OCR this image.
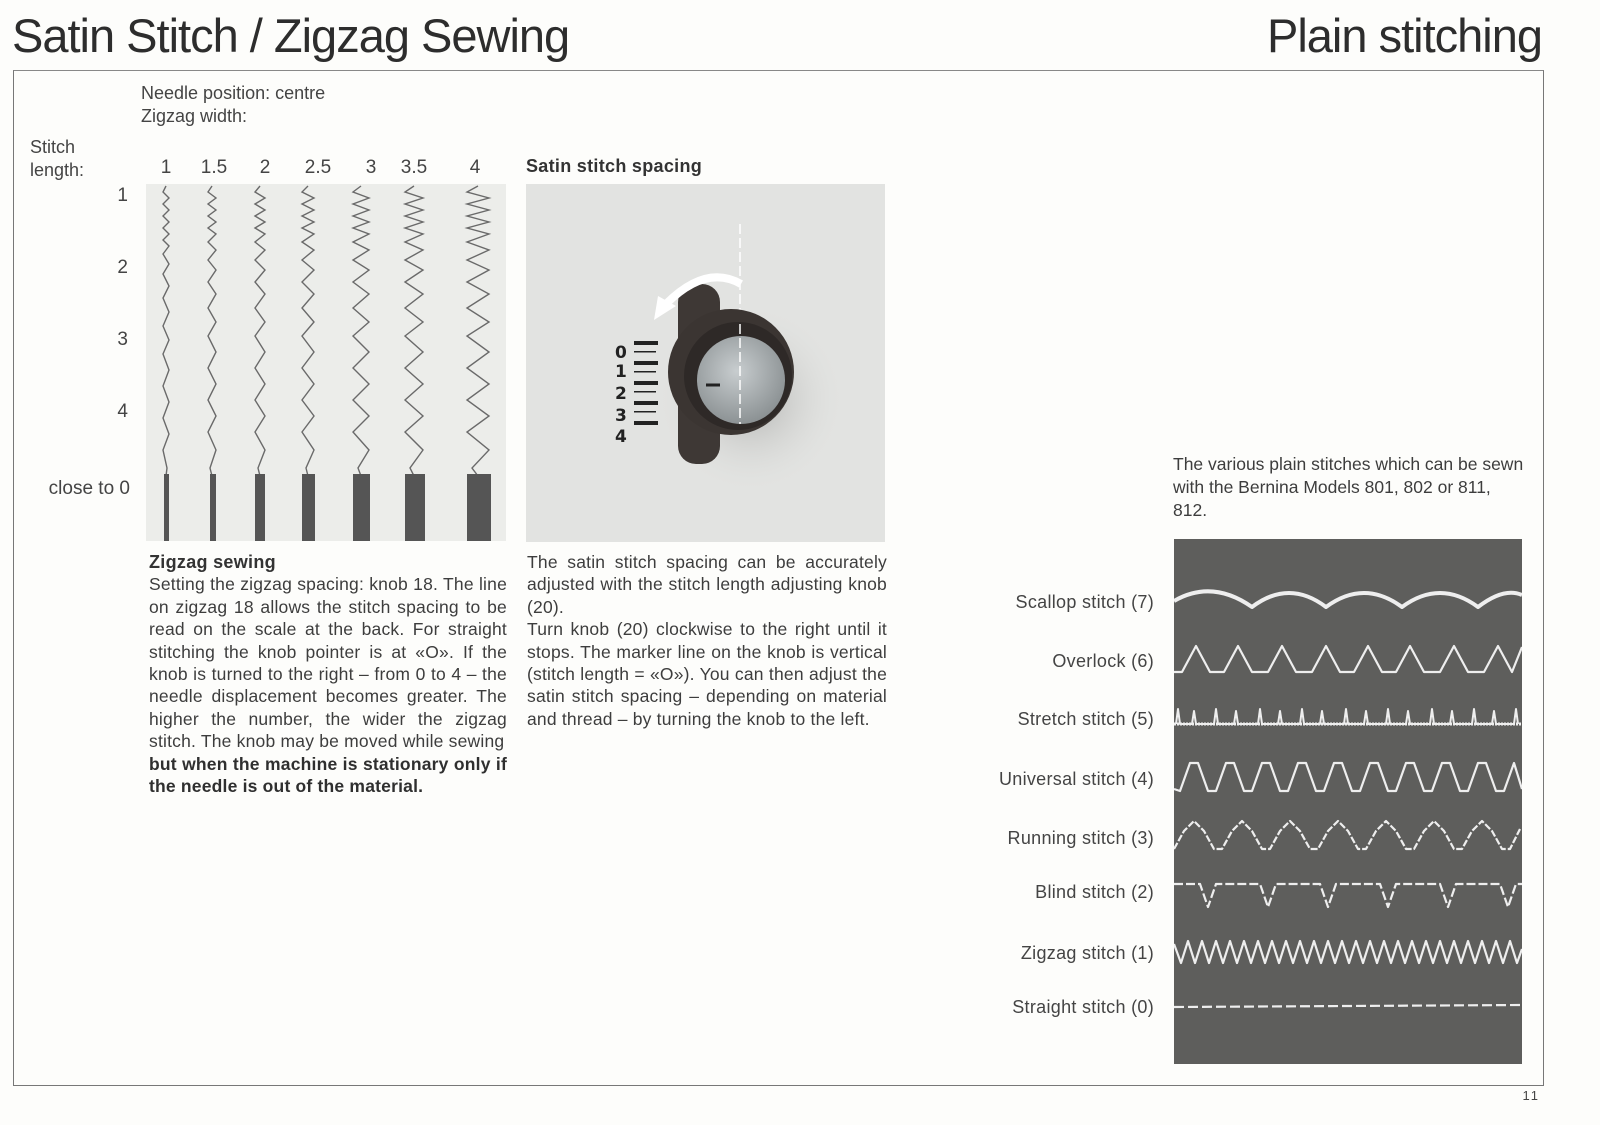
Satin Stitch / Zigzag Sewing	Plain stitching
Needle position: centre
Zigzag width:
Stitch
length:	1 1.5 2 2.5 3 3.5 4
1
2
3
4
close to 0
Satin stitch spacing
0
1
2
3
4
Zigzag sewing

Setting the zigzag spacing: knob 18. The line on zigzag 18 allows the stitch spacing to be read on the scale at the back. For straight stitching the knob pointer is at «O». If the knob is turned to the right – from 0 to 4 – the needle displacement becomes greater. The higher the number, the wider the zigzag stitch. The knob may be moved while sewing

but when the machine is stationary only if the needle is out of the material.

The satin stitch spacing can be accurately adjusted with the stitch length adjusting knob (20).

Turn knob (20) clockwise to the right until it stops. The marker line on the knob is vertical (stitch length = «O»). You can then adjust the satin stitch spacing – depending on material and thread – by turning the knob to the left.

The various plain stitches which can be sewn with the Bernina Models 801, 802 or 811, 812.
Scallop stitch (7)
Overlock (6)
Stretch stitch (5)
Universal stitch (4)
Running stitch (3)
Blind stitch (2)
Zigzag stitch (1)
Straight stitch (0)
11
